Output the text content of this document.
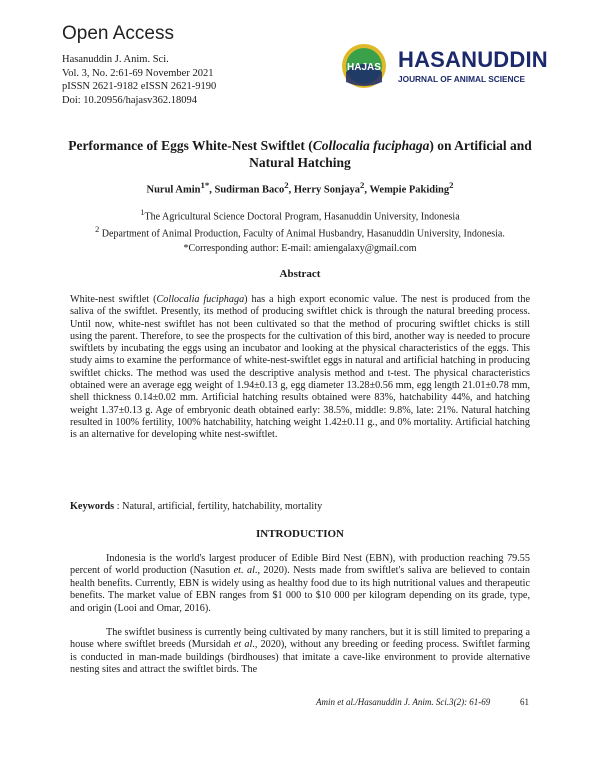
Open Access
Hasanuddin J. Anim. Sci.
Vol. 3, No. 2:61-69 November 2021
pISSN 2621-9182 eISSN 2621-9190
Doi: 10.20956/hajasv362.18094
HAJAS HASANUDDIN
JOURNAL OF ANIMAL SCIENCE
Performance of Eggs White-Nest Swiftlet (Collocalia fuciphaga) on Artificial and Natural Hatching
Nurul Amin$^{1*}$, Sudirman Baco$^2$, Herry Sonjaya$^2$, Wempie Pakiding$^2$
$^1$The Agricultural Science Doctoral Program, Hasanuddin University, Indonesia
$^2$ Department of Animal Production, Faculty of Animal Husbandry, Hasanuddin University, Indonesia.
*Corresponding author: E-mail: amiengalaxy@gmail.com
Abstract
White-nest swiftlet (Collocalia fuciphaga) has a high export economic value. The nest is produced from the saliva of the swiftlet. Presently, its method of producing swiftlet chick is through the natural breeding process. Until now, white-nest swiftlet has not been cultivated so that the method of procuring swiftlet chicks is still using the parent. Therefore, to see the prospects for the cultivation of this bird, another way is needed to procure swiftlets by incubating the eggs using an incubator and looking at the physical characteristics of the eggs. This study aims to examine the performance of white-nest-swiftlet eggs in natural and artificial hatching in producing swiftlet chicks. The method was used the descriptive analysis method and t-test. The physical characteristics obtained were an average egg weight of 1.94±0.13 g, egg diameter 13.28±0.56 mm, egg length 21.01±0.78 mm, shell thickness 0.14±0.02 mm. Artificial hatching results obtained were 83%, hatchability 44%, and hatching weight 1.37±0.13 g. Age of embryonic death obtained early: 38.5%, middle: 9.8%, late: 21%. Natural hatching resulted in 100% fertility, 100% hatchability, hatching weight 1.42±0.11 g., and 0% mortality. Artificial hatching is an alternative for developing white nest-swiftlet.
Keywords : Natural, artificial, fertility, hatchability, mortality
INTRODUCTION
Indonesia is the world's largest producer of Edible Bird Nest (EBN), with production reaching 79.55 percent of world production (Nasution et. al., 2020). Nests made from swiftlet's saliva are believed to contain health benefits. Currently, EBN is widely using as healthy food due to its high nutritional values and therapeutic benefits. The market value of EBN ranges from $1 000 to $10 000 per kilogram depending on its grade, type, and origin (Looi and Omar, 2016).
The swiftlet business is currently being cultivated by many ranchers, but it is still limited to preparing a house where swiftlet breeds (Mursidah et al., 2020), without any breeding or feeding process. Swiftlet farming is conducted in man-made buildings (birdhouses) that imitate a cave-like environment to provide alternative nesting sites and attract the swiftlet birds. The
Amin et al./Hasanuddin J. Anim. Sci.3(2): 61-69	61
